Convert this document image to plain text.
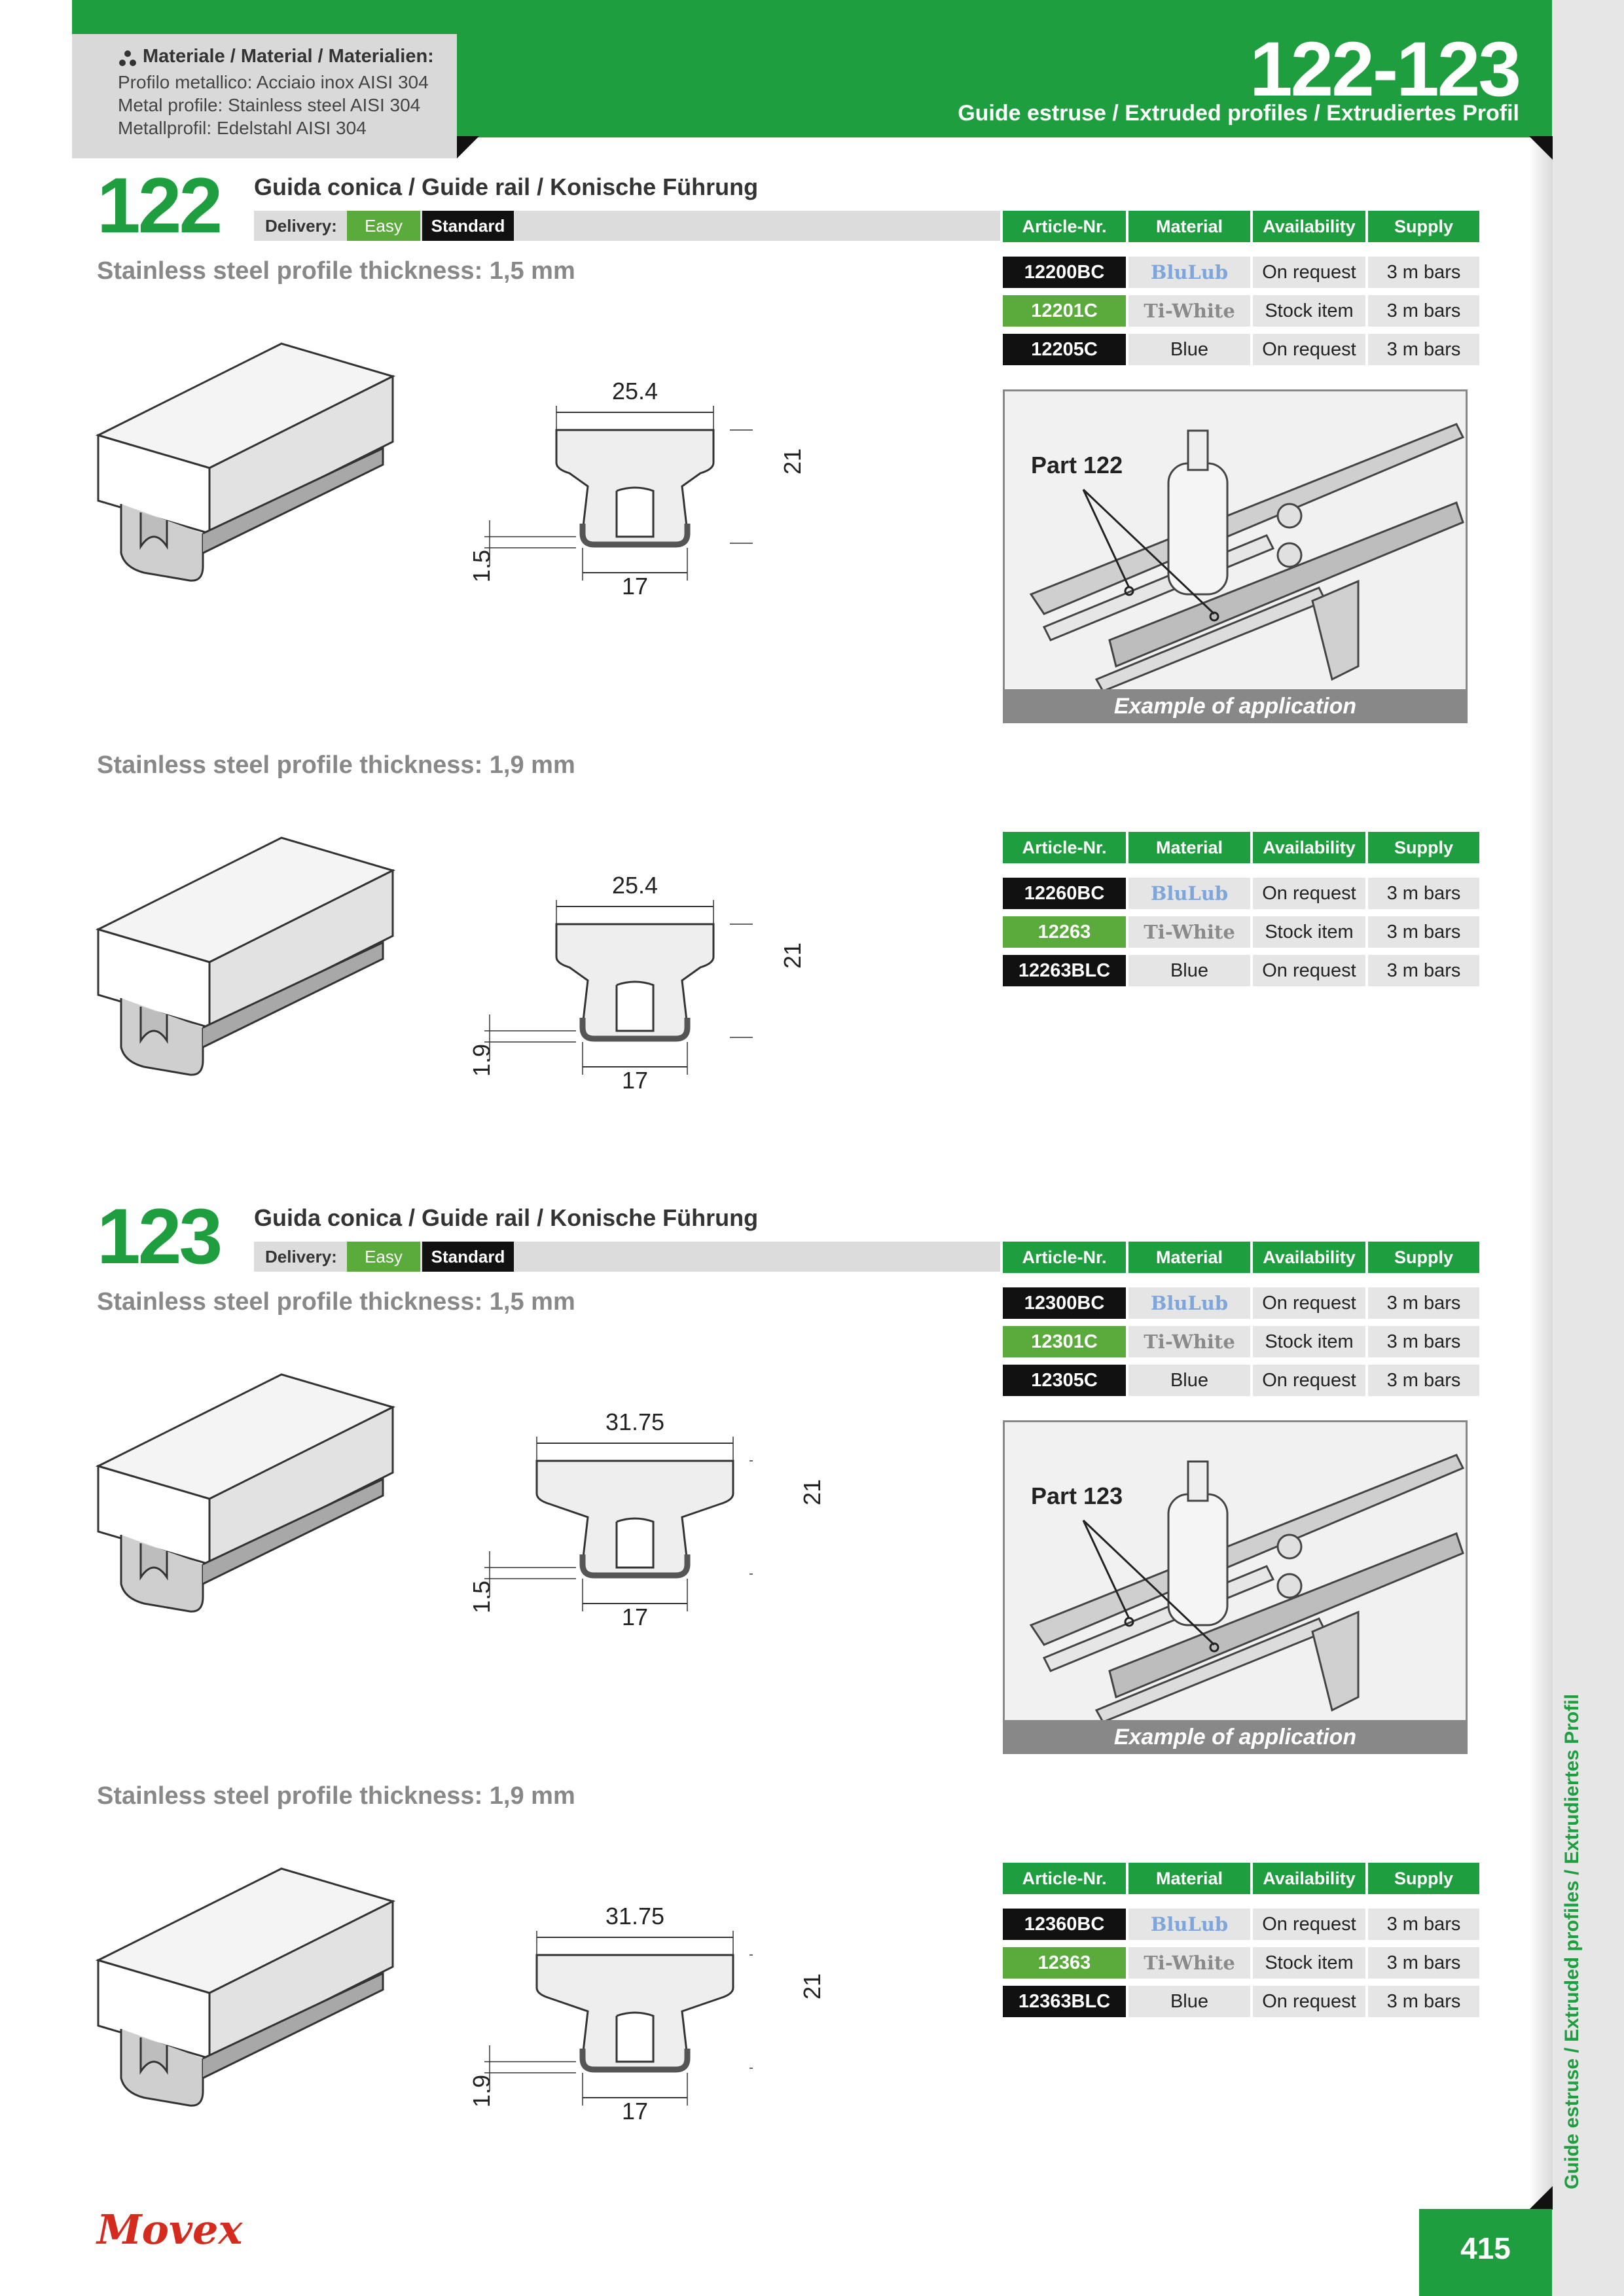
Materiale / Material / Materialien:
Profilo metallico: Acciaio inox AISI 304
Metal profile: Stainless steel AISI 304
Metallprofil: Edelstahl AISI 304
122-123
Guide estruse / Extruded profiles / Extrudiertes Profil
Guide estruse / Extruded profiles / Extrudiertes Profil
415
Movex
122 Guida conica / Guide rail / Konische Führung
Delivery:	Easy	Standard
Stainless steel profile thickness: 1,5 mm
25.4
21
17
1.5
Article-Nr.	Material	Availability	Supply
12200BC	BluLub	On request	3 m bars
12201C	Ti-White	Stock item	3 m bars
12205C	Blue	On request	3 m bars
Stainless steel profile thickness: 1,9 mm
25.4
21
17
1.9
Article-Nr.	Material	Availability	Supply
12260BC	BluLub	On request	3 m bars
12263	Ti-White	Stock item	3 m bars
12263BLC	Blue	On request	3 m bars
Part 122
Example of application
123 Guida conica / Guide rail / Konische Führung
Delivery:	Easy	Standard
Stainless steel profile thickness: 1,5 mm
31.75
21
17
1.5
Article-Nr.	Material	Availability	Supply
12300BC	BluLub	On request	3 m bars
12301C	Ti-White	Stock item	3 m bars
12305C	Blue	On request	3 m bars
Stainless steel profile thickness: 1,9 mm
31.75
21
17
1.9
Article-Nr.	Material	Availability	Supply
12360BC	BluLub	On request	3 m bars
12363	Ti-White	Stock item	3 m bars
12363BLC	Blue	On request	3 m bars
Part 123
Example of application
